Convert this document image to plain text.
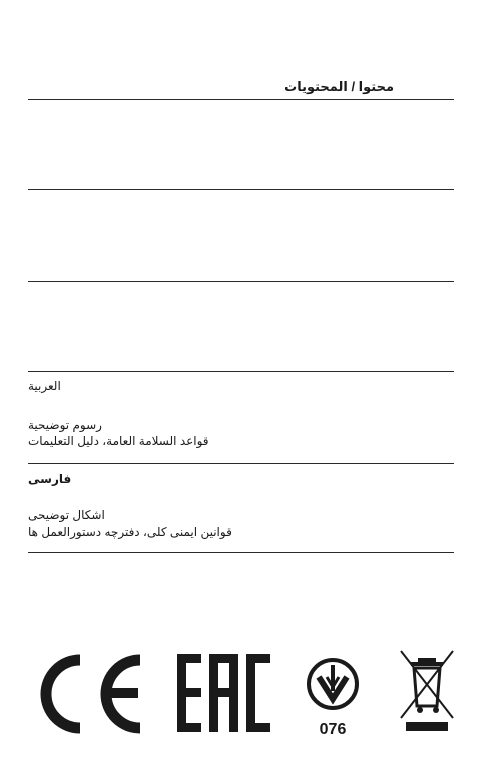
محتوا / المحتويات
العربية
رسوم توضيحية
قواعد السلامة العامة، دليل التعليمات
فارسی
اشکال توضیحی
قوانین ایمنی کلی، دفترچه دستورالعمل ها
076
